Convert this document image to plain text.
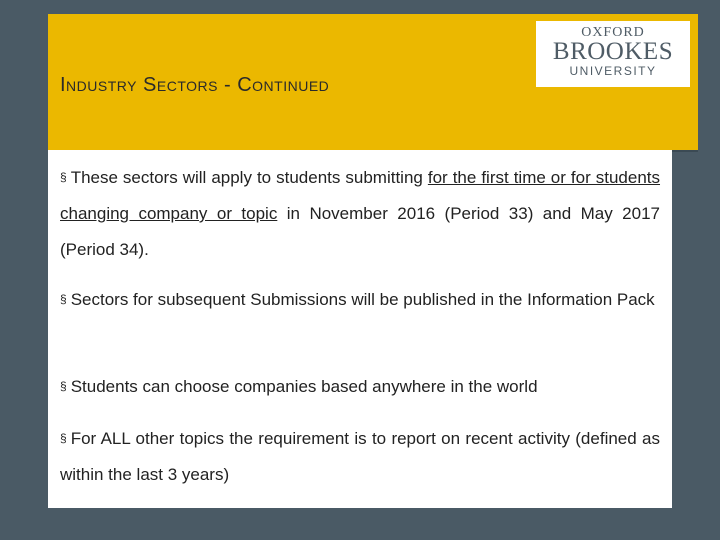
Industry Sectors - Continued
OXFORD
BROOKES
UNIVERSITY
§ These sectors will apply to students submitting for the first time or for students changing company or topic in November 2016 (Period 33) and May 2017 (Period 34).
§ Sectors for subsequent Submissions will be published in the Information Pack
§ Students can choose companies based anywhere in the world
§ For ALL other topics the requirement is to report on recent activity (defined as within the last 3 years)
